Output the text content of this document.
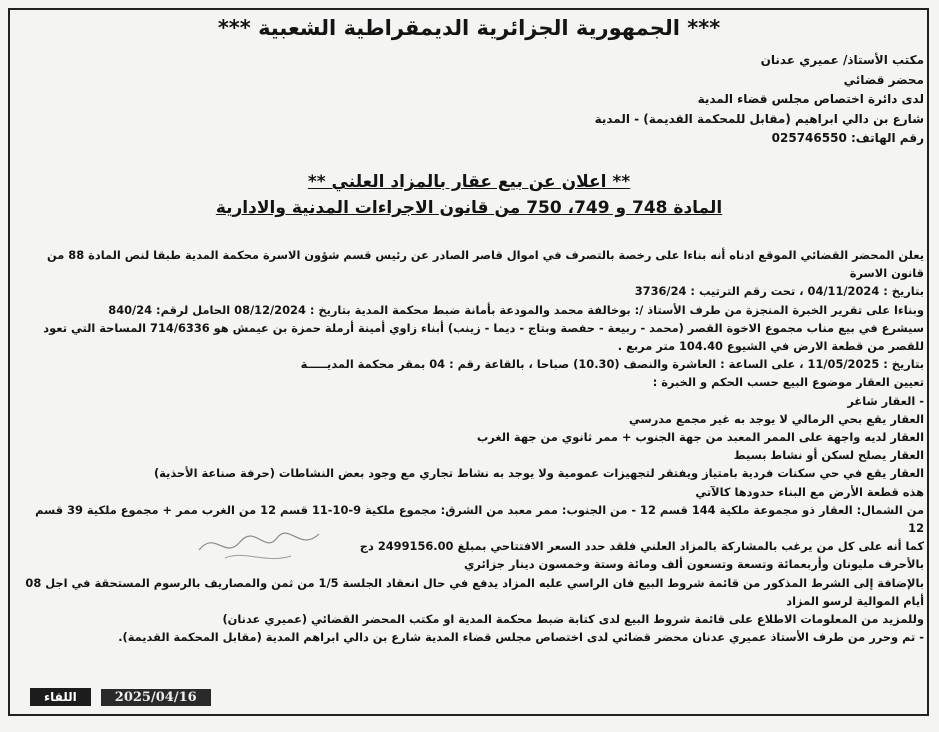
*** الجمهورية الجزائرية الديمقراطية الشعبية ***
مكتب الأستاذ/ عميري عدنان
محضر قضائي
لدى دائرة اختصاص مجلس قضاء المدية
شارع بن دالي ابراهيم (مقابل للمحكمة القديمة) - المدية
رقم الهاتف: 025746550
** اعلان عن بيع عقار بالمزاد العلني **
المادة 748 و 749، 750 من قانون الاجراءات المدنية والادارية

يعلن المحضر القضائي الموقع ادناه أنه بناءا على رخصة بالتصرف في اموال قاصر الصادر عن رئيس قسم شؤون الاسرة محكمة المدية طبقا لنص المادة 88 من قانون الاسرة

بتاريخ : 04/11/2024 ، تحت رقم الترتيب : 3736/24

وبناءا على تقرير الخبرة المنجزة من طرف الأستاذ /: بوخالفة محمد والمودعة بأمانة ضبط محكمة المدية بتاريخ : 08/12/2024 الحامل لرقم: 840/24

سيشرع في بيع مناب مجموع الاخوة القصر (محمد - ربيعة - حفصة وبتاج - ديما - زينب) أبناء زاوي أمينة أرملة حمزة بن عيمش هو 714/6336 المساحة التي تعود للقصر من قطعة الارض في الشيوع 104.40 متر مربع .

بتاريخ : 11/05/2025 ، على الساعة : العاشرة والنصف (10.30) صباحا ، بالقاعة رقم : 04 بمقر محكمة المديـــــة

تعيين العقار موضوع البيع حسب الحكم و الخبرة :

- العقار شاغر

العقار يقع بحي الرمالي لا يوجد به غير مجمع مدرسي

العقار لديه واجهة على الممر المعبد من جهة الجنوب + ممر ثانوي من جهة الغرب

العقار يصلح لسكن أو نشاط بسيط

العقار يقع في حي سكنات فردية بامتياز ويفتقر لتجهيزات عمومية ولا يوجد به نشاط تجاري مع وجود بعض النشاطات (حرفة صناعة الأحذية)

هذه قطعة الأرض مع البناء حدودها كالآتي

من الشمال: العقار ذو مجموعة ملكية 144 قسم 12 - من الجنوب: ممر معبد من الشرق: مجموع ملكية 9-10-11 قسم 12 من الغرب ممر + مجموع ملكية 39 قسم 12

كما أنه على كل من يرغب بالمشاركة بالمزاد العلني فلقد حدد السعر الافتتاحي بمبلغ 2499156.00 دج

بالأحرف مليونان وأربعمائة وتسعة وتسعون ألف ومائة وستة وخمسون دينار جزائري

بالإضافة إلى الشرط المذكور من قائمة شروط البيع فان الراسي عليه المزاد يدفع في حال انعقاد الجلسة 1/5 من ثمن والمصاريف بالرسوم المستحقة في اجل 08 أيام الموالية لرسو المزاد

وللمزيد من المعلومات الاطلاع على قائمة شروط البيع لدى كتابة ضبط محكمة المدية او مكتب المحضر القضائي (عميري عدنان)

- تم وحرر من طرف الأستاذ عميري عدنان محضر قضائي لدى اختصاص مجلس قضاء المدية شارع بن دالي ابراهم المدية (مقابل المحكمة القديمة).

اللقاء	2025/04/16
